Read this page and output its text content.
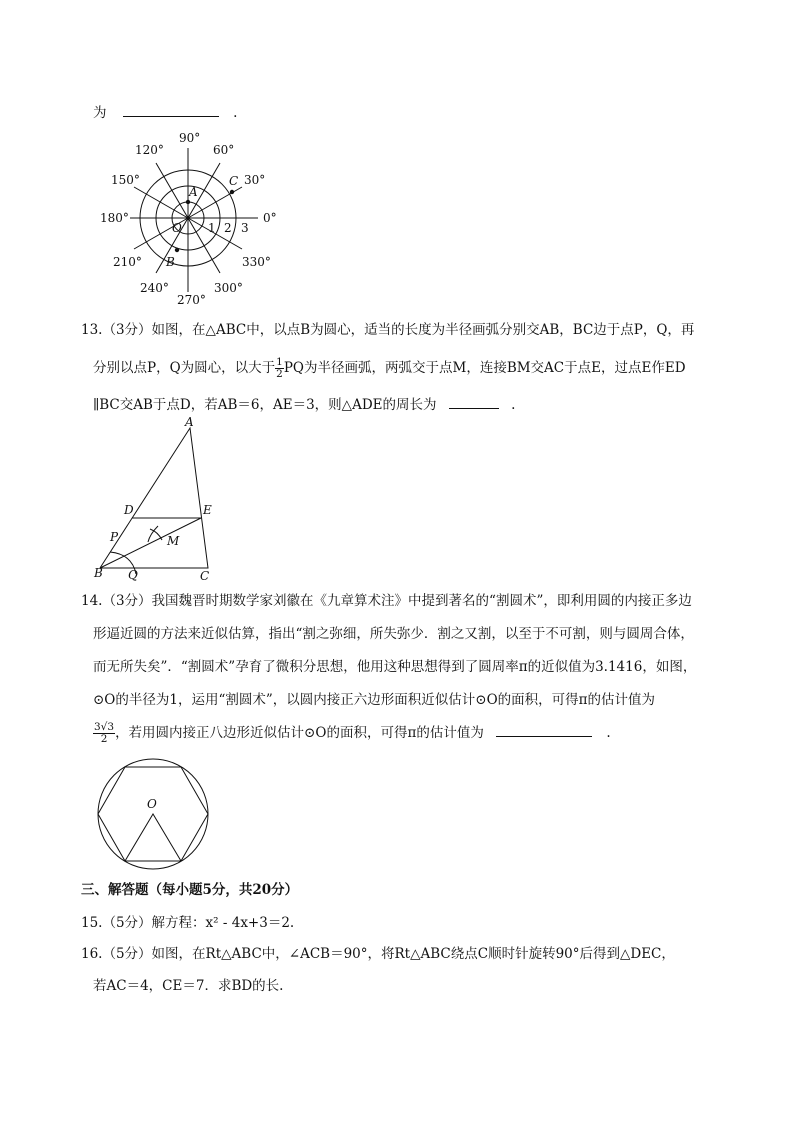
为	.
90°
60°
30°
0°
330°
300°
270°
240°
210°
180°
150°
120°
1 2 3
A
B
C
O
13.（3分）如图，在△ABC中，以点B为圆心，适当的长度为半径画弧分别交AB，BC边于点P，Q，再
分别以点P，Q为圆心，以大于 $\frac{1}{2}$ PQ为半径画弧，两弧交于点M，连接BM交AC于点E，过点E作ED
∥BC交AB于点D，若AB＝6，AE＝3，则△ADE的周长为	.
A
D	E
P	M
B Q	C
14.（3分）我国魏晋时期数学家刘徽在《九章算术注》中提到著名的“割圆术”，即利用圆的内接正多边
形逼近圆的方法来近似估算，指出“割之弥细，所失弥少．割之又割，以至于不可割，则与圆周合体，
而无所失矣”．“割圆术”孕育了微积分思想，他用这种思想得到了圆周率π的近似值为3.1416，如图，
⊙O的半径为1，运用“割圆术”，以圆内接正六边形面积近似估计⊙O的面积，可得π的估计值为
$\frac{3√3}{2}$ ，若用圆内接正八边形近似估计⊙O的面积，可得π的估计值为	.
O
三、解答题（每小题5分，共20分）
15.（5分）解方程：x² - 4x+3＝2.
16.（5分）如图，在Rt△ABC中，∠ACB＝90°，将Rt△ABC绕点C顺时针旋转90°后得到△DEC，
若AC＝4，CE＝7．求BD的长.
